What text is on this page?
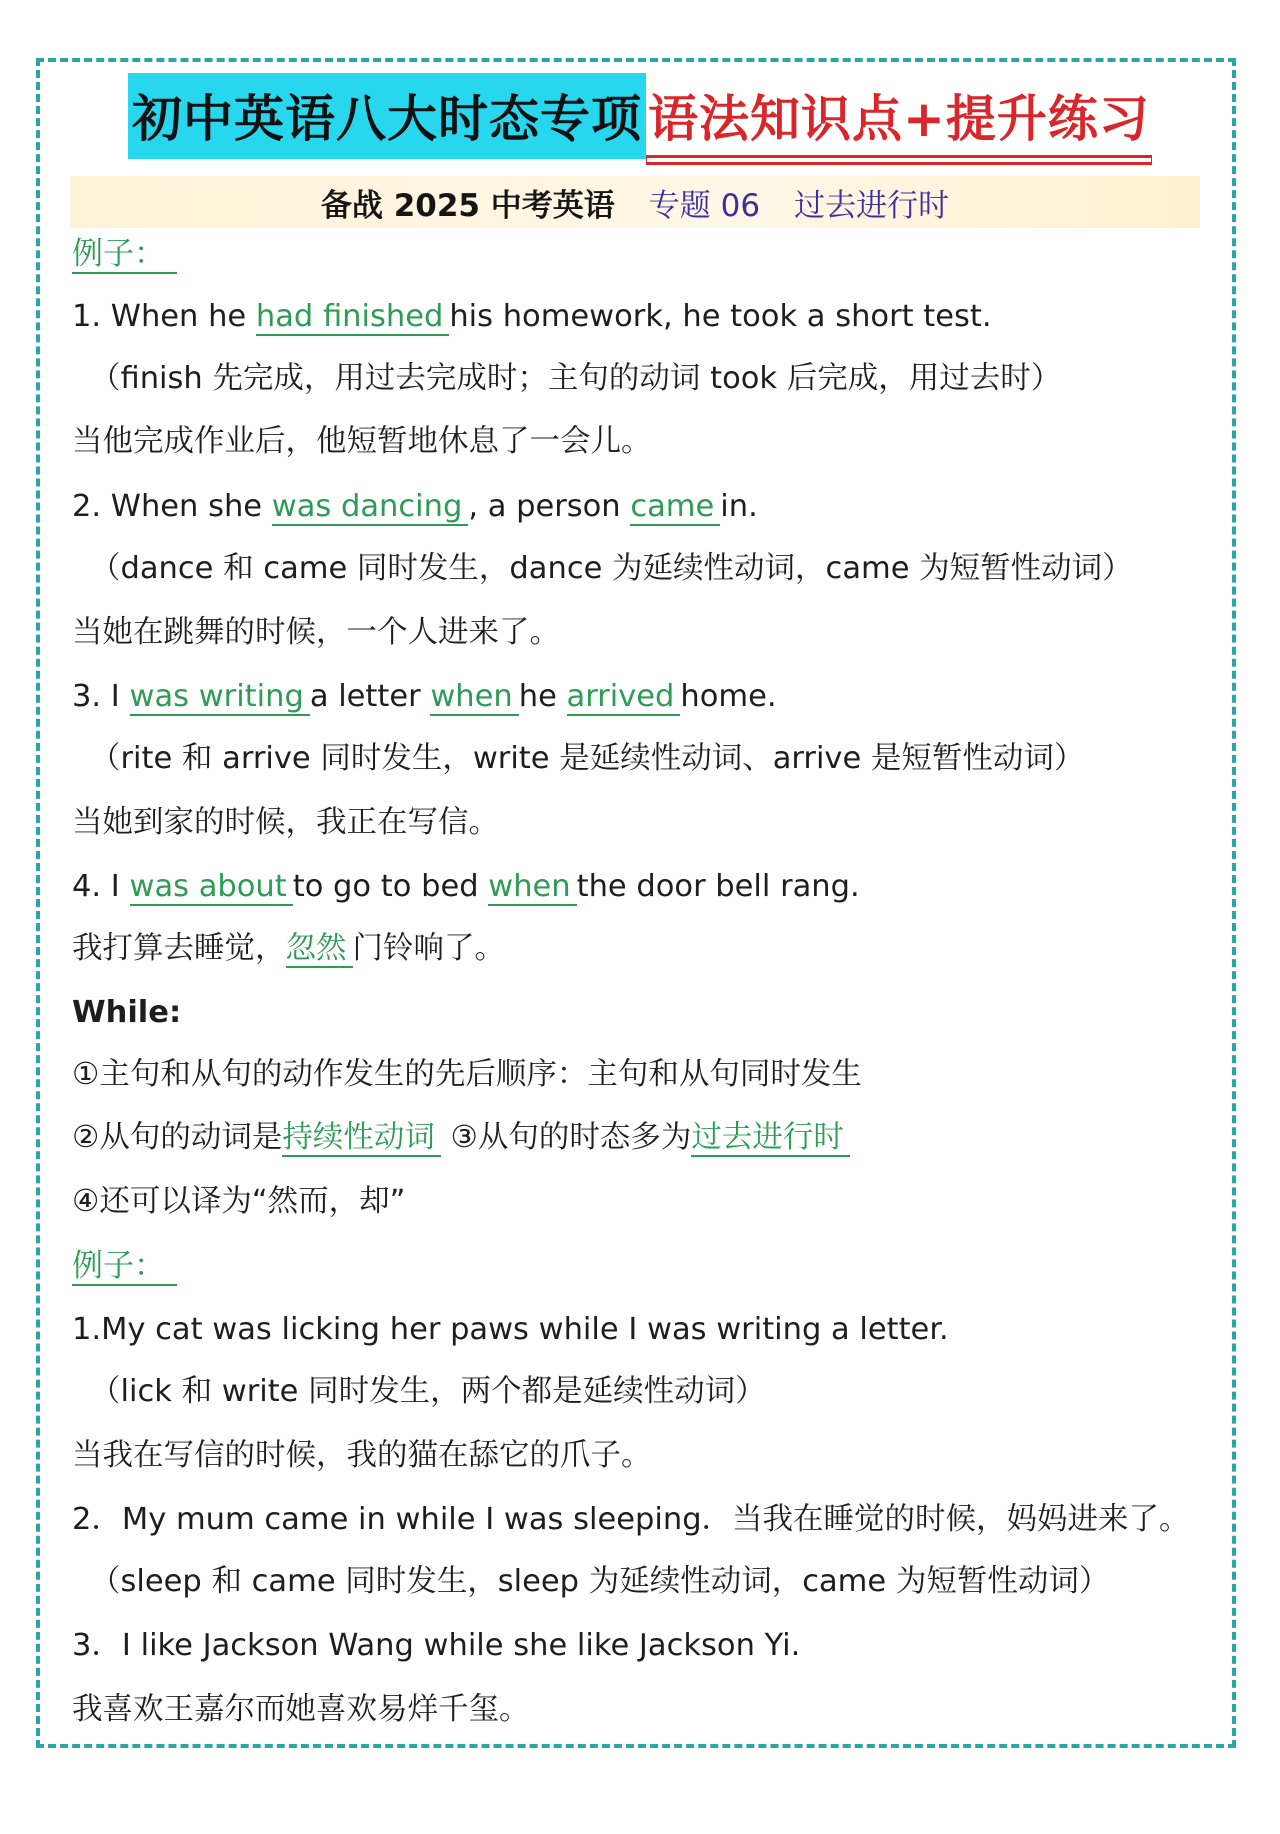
初中英语八大时态专项 语法知识点+提升练习
备战 2025 中考英语 专题 06 过去进行时
例子：
1. When he had finished his homework, he took a short test.
（finish 先完成，用过去完成时；主句的动词 took 后完成，用过去时）
当他完成作业后，他短暂地休息了一会儿。
2. When she was dancing , a person came in.
（dance 和 came 同时发生，dance 为延续性动词，came 为短暂性动词）
当她在跳舞的时候，一个人进来了。
3. I was writing a letter when he arrived home.
（rite 和 arrive 同时发生，write 是延续性动词、arrive 是短暂性动词）
当她到家的时候，我正在写信。
4. I was about to go to bed when the door bell rang.
我打算去睡觉，忽然 门铃响了。
While:
①主句和从句的动作发生的先后顺序：主句和从句同时发生
②从句的动词是持续性动词 ③从句的时态多为过去进行时
④还可以译为“然而，却”
例子：
1.My cat was licking her paws while I was writing a letter.
（lick 和 write 同时发生，两个都是延续性动词）
当我在写信的时候，我的猫在舔它的爪子。
2．My mum came in while I was sleeping．当我在睡觉的时候，妈妈进来了。
（sleep 和 came 同时发生，sleep 为延续性动词，came 为短暂性动词）
3．I like Jackson Wang while she like Jackson Yi.
我喜欢王嘉尔而她喜欢易烊千玺。
